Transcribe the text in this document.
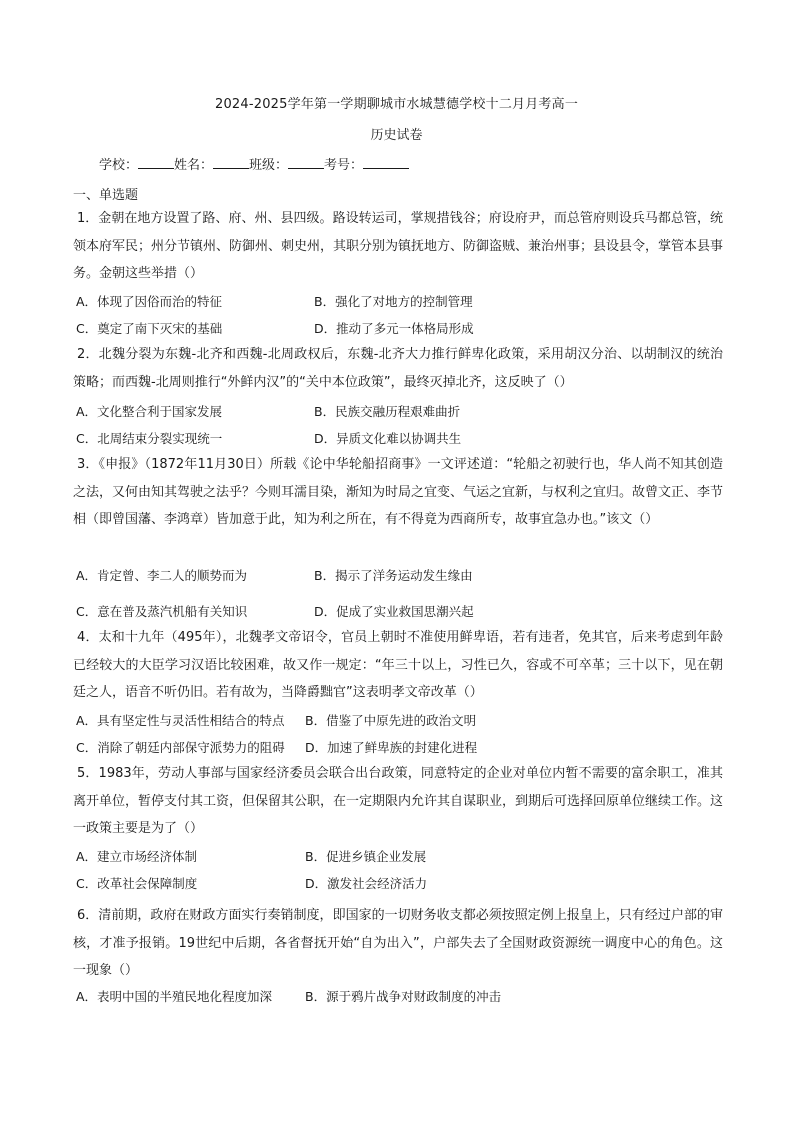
2024-2025学年第一学期聊城市水城慧德学校十二月月考高一
历史试卷
学校：	姓名：	班级：	考号：
一、单选题
1．金朝在地方设置了路、府、州、县四级。路设转运司，掌规措钱谷；府设府尹，而总管府则设兵马都总管，统领本府军民；州分节镇州、防御州、刺史州，其职分别为镇抚地方、防御盗贼、兼治州事；县设县令，掌管本县事务。金朝这些举措（）
A．体现了因俗而治的特征	B．强化了对地方的控制管理
C．奠定了南下灭宋的基础	D．推动了多元一体格局形成
2．北魏分裂为东魏-北齐和西魏-北周政权后，东魏-北齐大力推行鲜卑化政策，采用胡汉分治、以胡制汉的统治策略；而西魏-北周则推行“外鲜内汉”的“关中本位政策”，最终灭掉北齐，这反映了（）
A．文化整合利于国家发展	B．民族交融历程艰难曲折
C．北周结束分裂实现统一	D．异质文化难以协调共生
3．《申报》（1872年11月30日）所载《论中华轮船招商事》一文评述道：“轮船之初驶行也，华人尚不知其创造之法，又何由知其驾驶之法乎？今则耳濡目染，渐知为时局之宜变、气运之宜新，与权利之宜归。故曾文正、李节相（即曾国藩、李鸿章）皆加意于此，知为利之所在，有不得竟为西商所专，故事宜急办也。”该文（）
A．肯定曾、李二人的顺势而为	B．揭示了洋务运动发生缘由
C．意在普及蒸汽机船有关知识	D．促成了实业救国思潮兴起
4．太和十九年（495年），北魏孝文帝诏令，官员上朝时不准使用鲜卑语，若有违者，免其官，后来考虑到年龄已经较大的大臣学习汉语比较困难，故又作一规定：“年三十以上，习性已久，容或不可卒革；三十以下，见在朝廷之人，语音不听仍旧。若有故为，当降爵黜官”这表明孝文帝改革（）
A．具有坚定性与灵活性相结合的特点 B．借鉴了中原先进的政治文明
C．消除了朝廷内部保守派势力的阻碍 D．加速了鲜卑族的封建化进程
5．1983年，劳动人事部与国家经济委员会联合出台政策，同意特定的企业对单位内暂不需要的富余职工，准其离开单位，暂停支付其工资，但保留其公职，在一定期限内允许其自谋职业，到期后可选择回原单位继续工作。这一政策主要是为了（）
A．建立市场经济体制	B．促进乡镇企业发展
C．改革社会保障制度	D．激发社会经济活力
6．清前期，政府在财政方面实行奏销制度，即国家的一切财务收支都必须按照定例上报皇上，只有经过户部的审核，才准予报销。19世纪中后期，各省督抚开始“自为出入”，户部失去了全国财政资源统一调度中心的角色。这一现象（）
A．表明中国的半殖民地化程度加深	B．源于鸦片战争对财政制度的冲击
